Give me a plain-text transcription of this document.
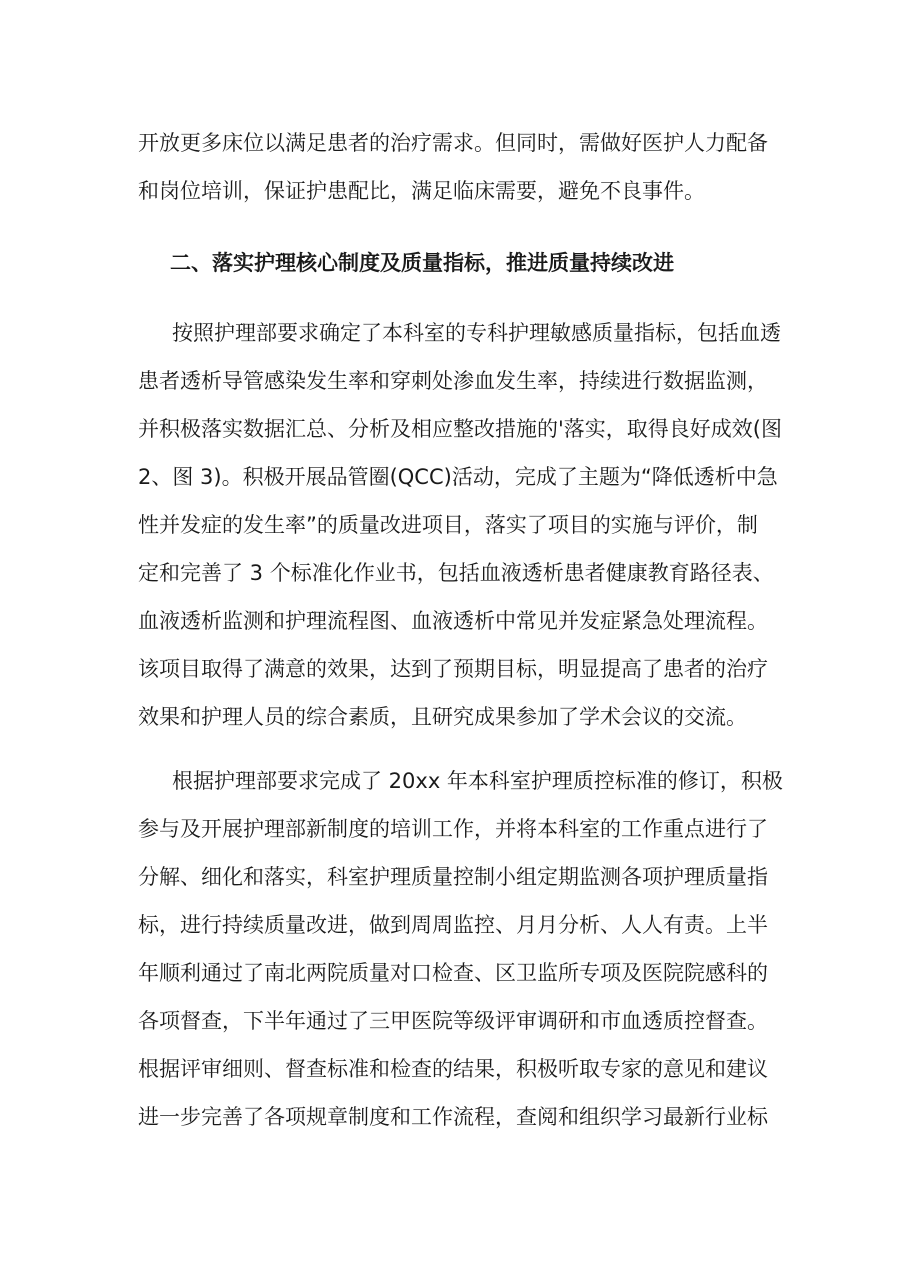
开放更多床位以满足患者的治疗需求。但同时，需做好医护人力配备
和岗位培训，保证护患配比，满足临床需要，避免不良事件。
二、落实护理核心制度及质量指标，推进质量持续改进
按照护理部要求确定了本科室的专科护理敏感质量指标，包括血透
患者透析导管感染发生率和穿刺处渗血发生率，持续进行数据监测，
并积极落实数据汇总、分析及相应整改措施的'落实，取得良好成效(图
2、图 3)。积极开展品管圈(QCC)活动，完成了主题为“降低透析中急
性并发症的发生率”的质量改进项目，落实了项目的实施与评价，制
定和完善了 3 个标准化作业书，包括血液透析患者健康教育路径表、
血液透析监测和护理流程图、血液透析中常见并发症紧急处理流程。
该项目取得了满意的效果，达到了预期目标，明显提高了患者的治疗
效果和护理人员的综合素质，且研究成果参加了学术会议的交流。
根据护理部要求完成了 20xx 年本科室护理质控标准的修订，积极
参与及开展护理部新制度的培训工作，并将本科室的工作重点进行了
分解、细化和落实，科室护理质量控制小组定期监测各项护理质量指
标，进行持续质量改进，做到周周监控、月月分析、人人有责。上半
年顺利通过了南北两院质量对口检查、区卫监所专项及医院院感科的
各项督查，下半年通过了三甲医院等级评审调研和市血透质控督查。
根据评审细则、督查标准和检查的结果，积极听取专家的意见和建议
进一步完善了各项规章制度和工作流程，查阅和组织学习最新行业标
